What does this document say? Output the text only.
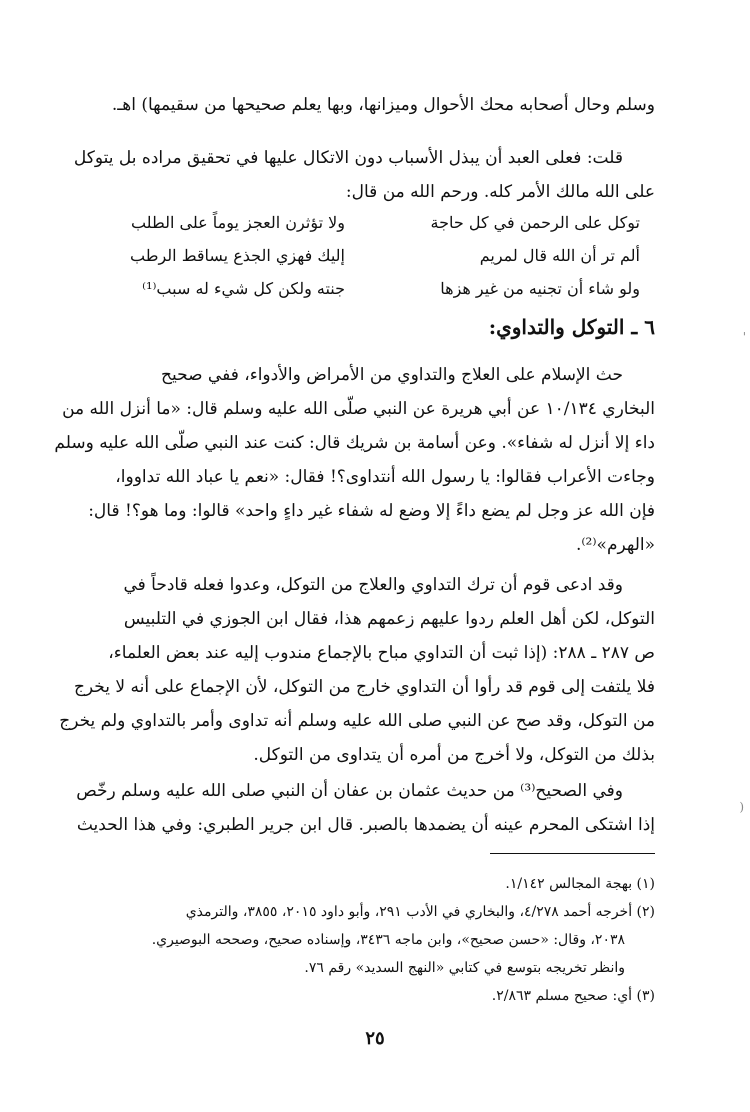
وسلم وحال أصحابه محك الأحوال وميزانها، وبها يعلم صحيحها من سقيمها) اهـ.
قلت: فعلى العبد أن يبذل الأسباب دون الاتكال عليها في تحقيق مراده بل يتوكل
على الله مالك الأمر كله. ورحم الله من قال:
توكل على الرحمن في كل حاجة
ولا تؤثرن العجز يوماً على الطلب
ألم تر أن الله قال لمريم
إليك فهزي الجذع يساقط الرطب
ولو شاء أن تجنيه من غير هزها
جنته ولكن كل شيء له سبب⁽¹⁾
٦ ـ التوكل والتداوي:
حث الإسلام على العلاج والتداوي من الأمراض والأدواء، ففي صحيح
البخاري ١٠/١٣٤ عن أبي هريرة عن النبي صلّى الله عليه وسلم قال: «ما أنزل الله من
داء إلا أنزل له شفاء». وعن أسامة بن شريك قال: كنت عند النبي صلّى الله عليه وسلم
وجاءت الأعراب فقالوا: يا رسول الله أنتداوى؟! فقال: «نعم يا عباد الله تداووا،
فإن الله عز وجل لم يضع داءً إلا وضع له شفاء غير داءٍ واحد» قالوا: وما هو؟! قال:
«الهرم»⁽²⁾.
وقد ادعى قوم أن ترك التداوي والعلاج من التوكل، وعدوا فعله قادحاً في
التوكل، لكن أهل العلم ردوا عليهم زعمهم هذا، فقال ابن الجوزي في التلبيس
ص ٢٨٧ ـ ٢٨٨: (إذا ثبت أن التداوي مباح بالإجماع مندوب إليه عند بعض العلماء،
فلا يلتفت إلى قوم قد رأوا أن التداوي خارج من التوكل، لأن الإجماع على أنه لا يخرج
من التوكل، وقد صح عن النبي صلى الله عليه وسلم أنه تداوى وأمر بالتداوي ولم يخرج
بذلك من التوكل، ولا أخرج من أمره أن يتداوى من التوكل.
وفي الصحيح⁽³⁾ من حديث عثمان بن عفان أن النبي صلى الله عليه وسلم رخّص
إذا اشتكى المحرم عينه أن يضمدها بالصبر. قال ابن جرير الطبري: وفي هذا الحديث
(١) بهجة المجالس ١/١٤٢.
(٢) أخرجه أحمد ٤/٢٧٨، والبخاري في الأدب ٢٩١، وأبو داود ٢٠١٥، ٣٨٥٥، والترمذي
٢٠٣٨، وقال: «حسن صحيح»، وابن ماجه ٣٤٣٦، وإسناده صحيح، وصححه البوصيري.
وانظر تخريجه بتوسع في كتابي «النهج السديد» رقم ٧٦.
(٣) أي: صحيح مسلم ٢/٨٦٣.
٢٥
'
(
